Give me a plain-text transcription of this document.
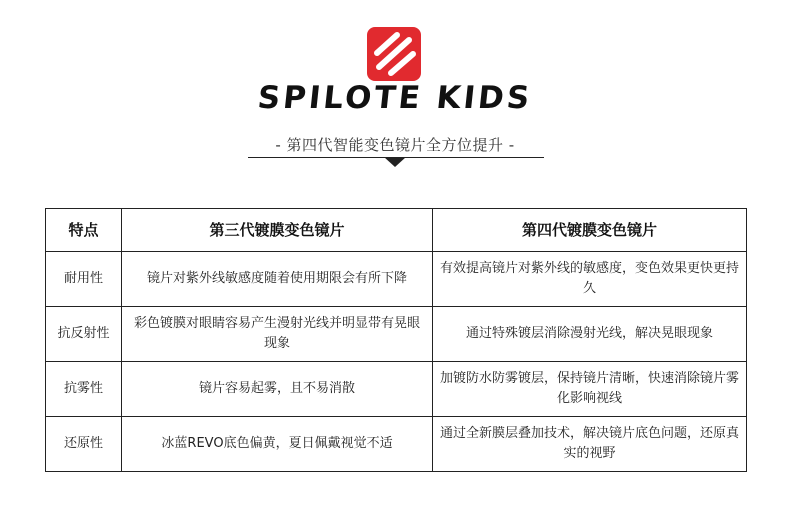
SPILOTE KIDS
- 第四代智能变色镜片全方位提升 -
特点	第三代镀膜变色镜片	第四代镀膜变色镜片
耐用性	镜片对紫外线敏感度随着使用期限会有所下降	有效提高镜片对紫外线的敏感度，变色效果更快更持久
抗反射性	彩色镀膜对眼睛容易产生漫射光线并明显带有晃眼现象	通过特殊镀层消除漫射光线，解决晃眼现象
抗雾性	镜片容易起雾，且不易消散	加镀防水防雾镀层，保持镜片清晰，快速消除镜片雾化影响视线
还原性	冰蓝REVO底色偏黄，夏日佩戴视觉不适	通过全新膜层叠加技术，解决镜片底色问题，还原真实的视野
